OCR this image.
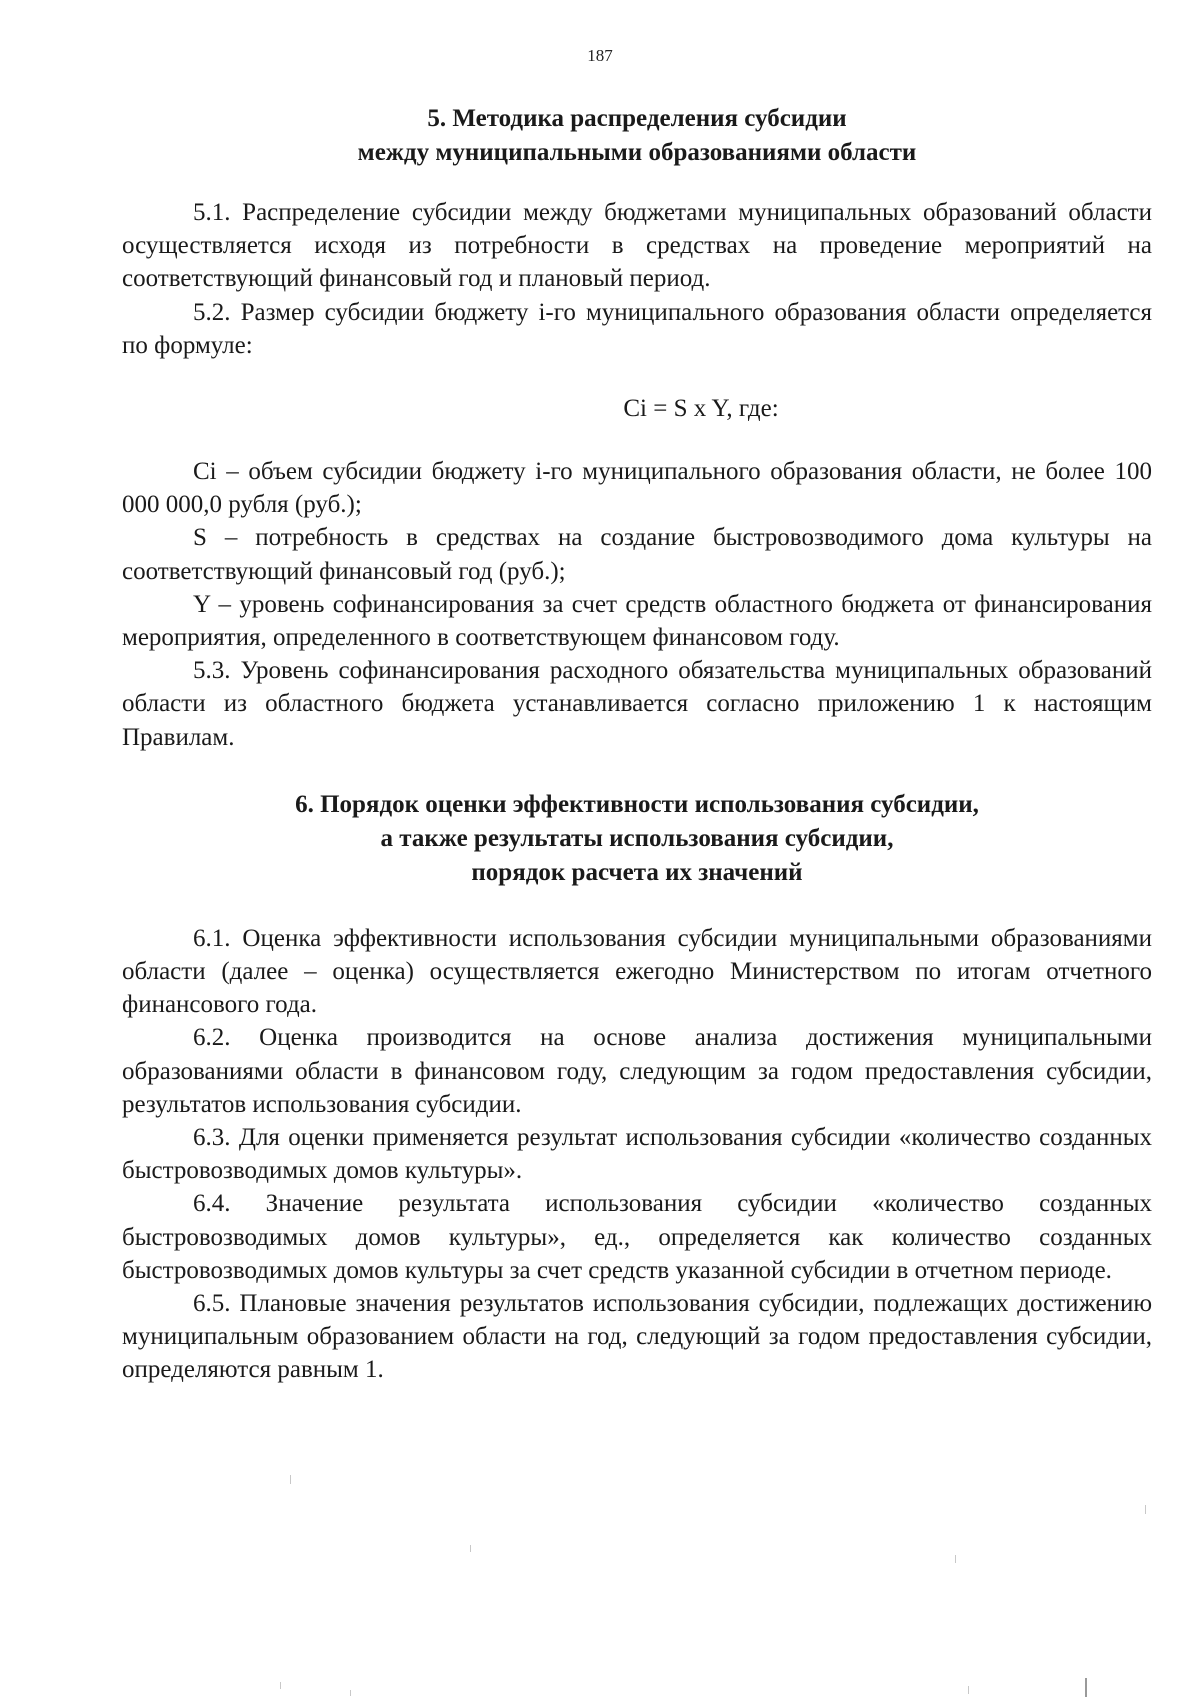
187
5. Методика распределения субсидии
между муниципальными образованиями области

5.1. Распределение субсидии между бюджетами муниципальных образований области осуществляется исходя из потребности в средствах на проведение мероприятий на соответствующий финансовый год и плановый период.

5.2. Размер субсидии бюджету i-го муниципального образования области определяется по формуле:

Ci = S x Y, где:

Ci – объем субсидии бюджету i-го муниципального образования области, не более 100 000 000,0 рубля (руб.);

S – потребность в средствах на создание быстровозводимого дома культуры на соответствующий финансовый год (руб.);

Y – уровень софинансирования за счет средств областного бюджета от финансирования мероприятия, определенного в соответствующем финансовом году.

5.3. Уровень софинансирования расходного обязательства муниципальных образований области из областного бюджета устанавливается согласно приложению 1 к настоящим Правилам.

6. Порядок оценки эффективности использования субсидии,
а также результаты использования субсидии,
порядок расчета их значений

6.1. Оценка эффективности использования субсидии муниципальными образованиями области (далее – оценка) осуществляется ежегодно Министерством по итогам отчетного финансового года.

6.2. Оценка производится на основе анализа достижения муниципальными образованиями области в финансовом году, следующим за годом предоставления субсидии, результатов использования субсидии.

6.3. Для оценки применяется результат использования субсидии «количество созданных быстровозводимых домов культуры».

6.4. Значение результата использования субсидии «количество созданных быстровозводимых домов культуры», ед., определяется как количество созданных быстровозводимых домов культуры за счет средств указанной субсидии в отчетном периоде.

6.5. Плановые значения результатов использования субсидии, подлежащих достижению муниципальным образованием области на год, следующий за годом предоставления субсидии, определяются равным 1.
